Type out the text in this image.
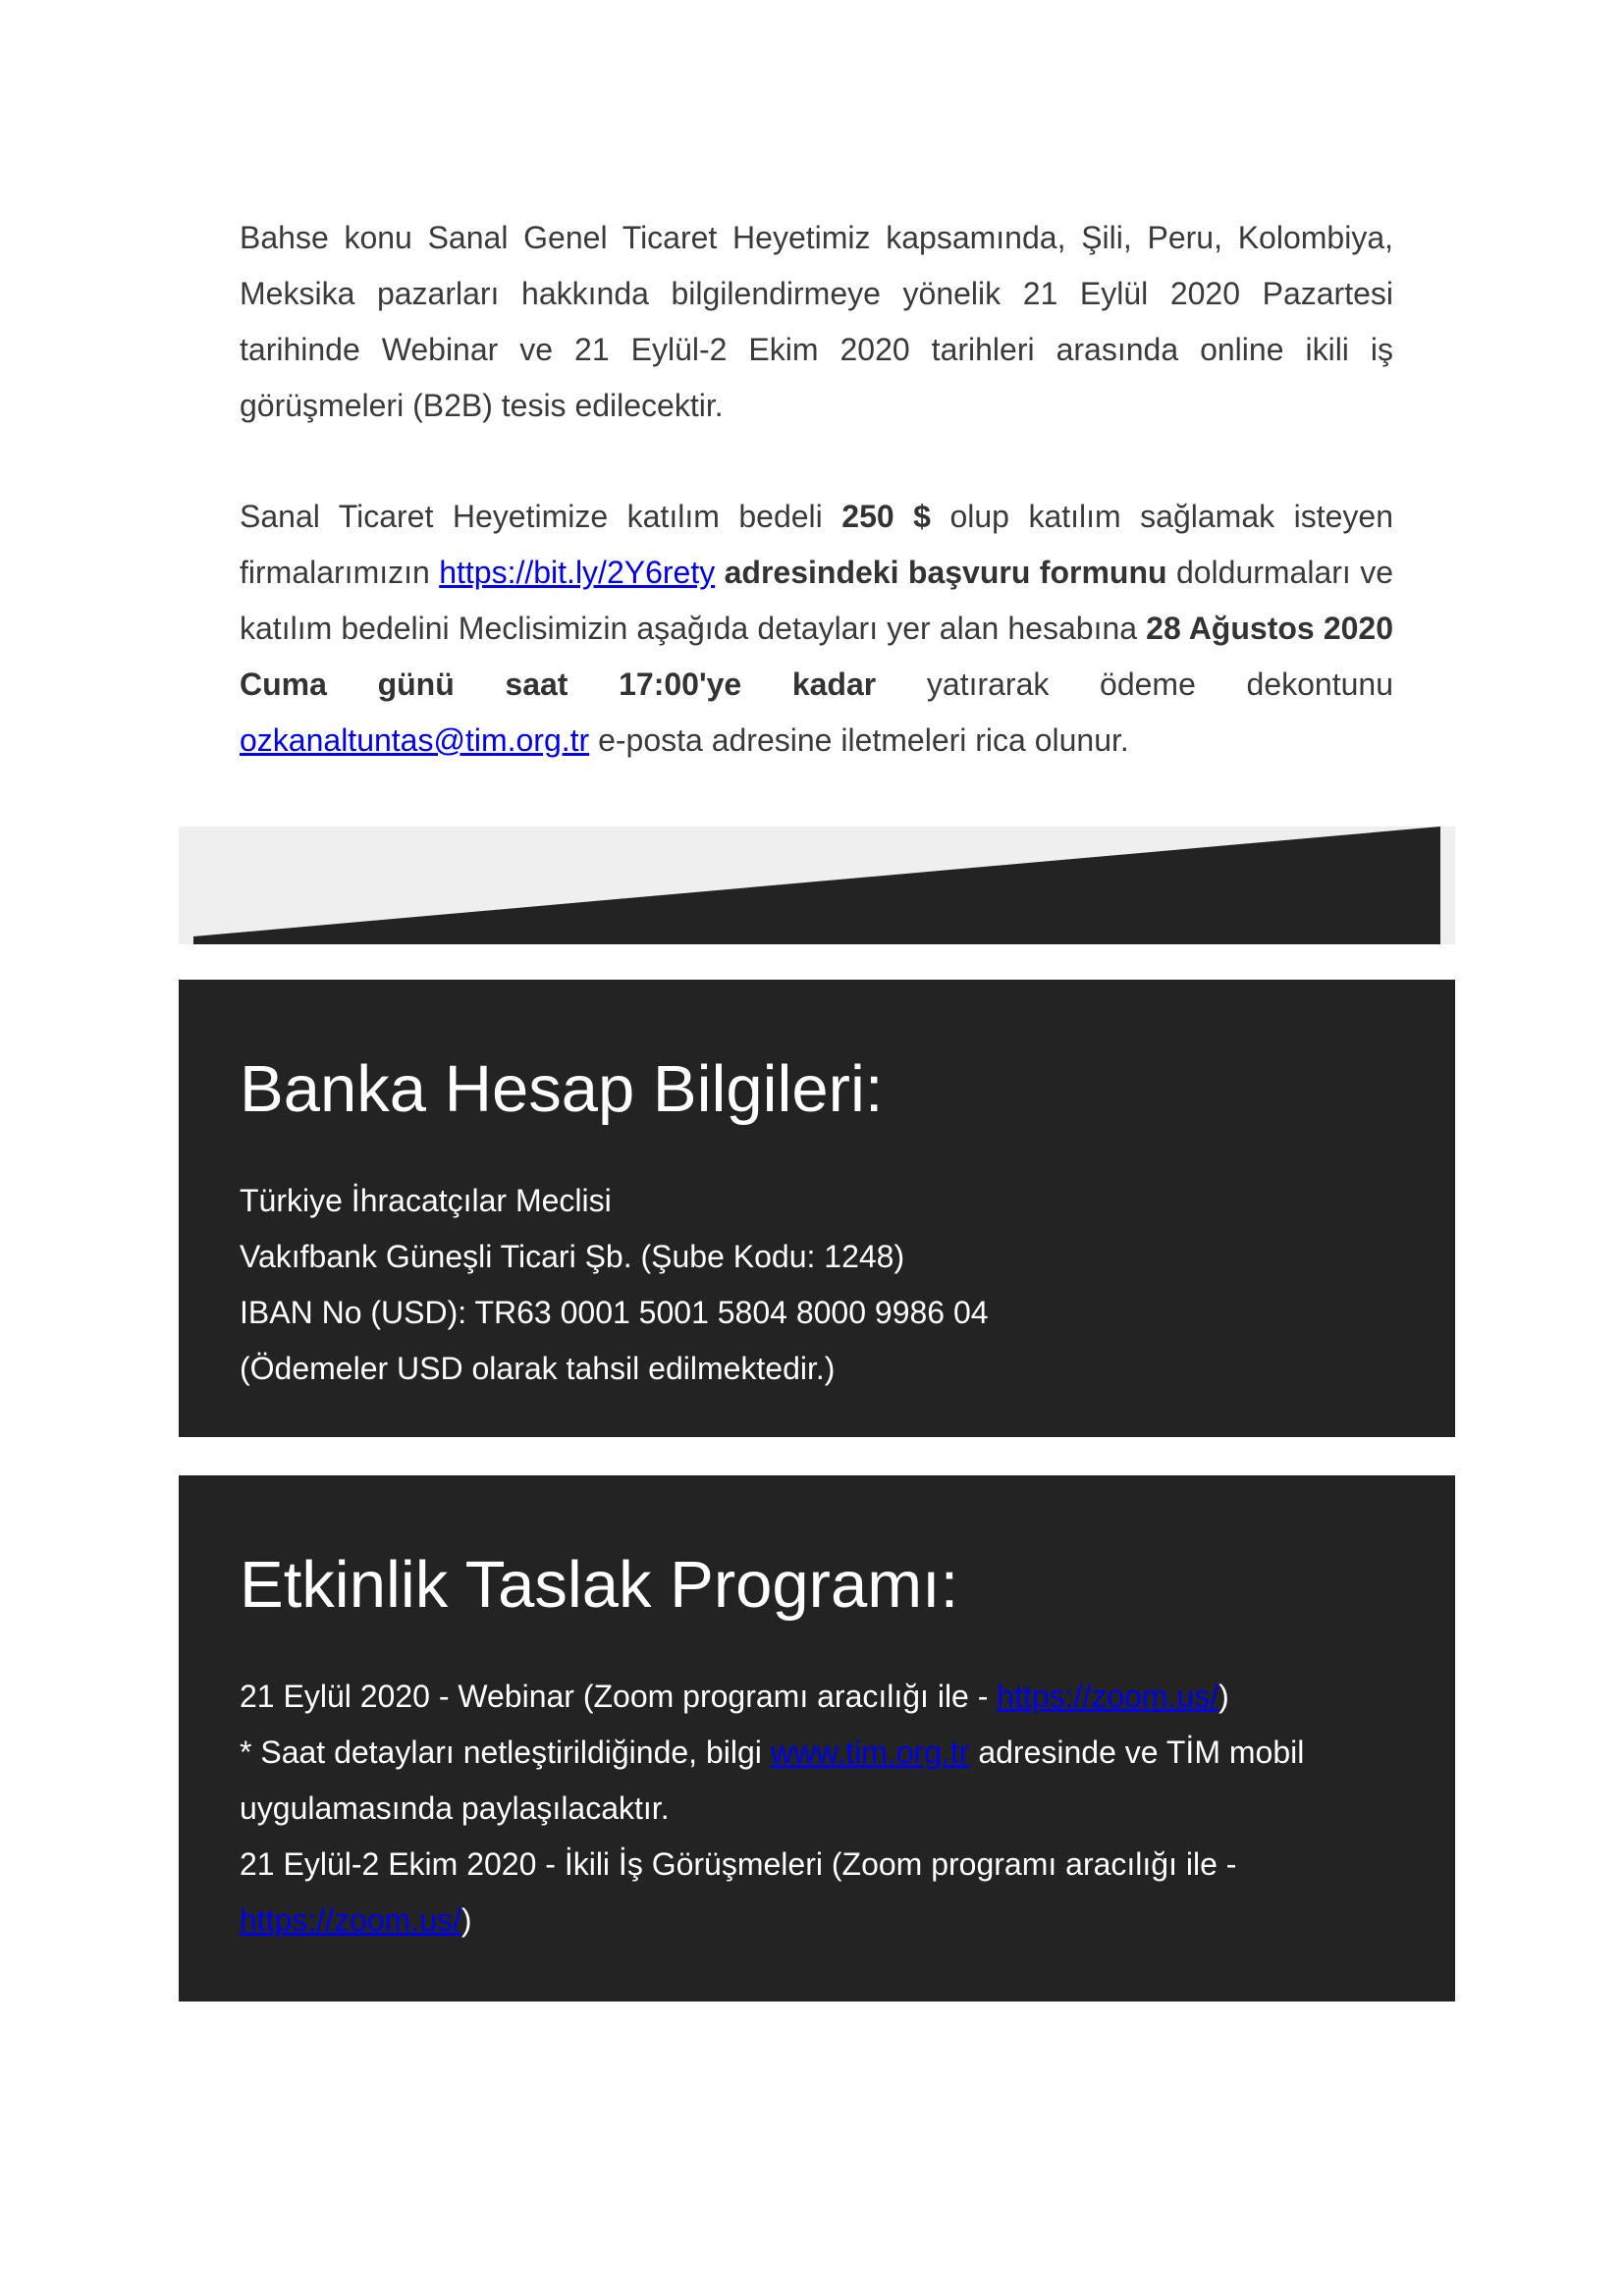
Bahse konu Sanal Genel Ticaret Heyetimiz kapsamında, Şili, Peru, Kolombiya, Meksika pazarları hakkında bilgilendirmeye yönelik 21 Eylül 2020 Pazartesi tarihinde Webinar ve 21 Eylül-2 Ekim 2020 tarihleri arasında online ikili iş görüşmeleri (B2B) tesis edilecektir.

Sanal Ticaret Heyetimize katılım bedeli 250 $ olup katılım sağlamak isteyen firmalarımızın https://bit.ly/2Y6rety adresindeki başvuru formunu doldurmaları ve katılım bedelini Meclisimizin aşağıda detayları yer alan hesabına 28 Ağustos 2020 Cuma günü saat 17:00'ye kadar yatırarak ödeme dekontunu ozkanaltuntas@tim.org.tr e-posta adresine iletmeleri rica olunur.

Banka Hesap Bilgileri:
Türkiye İhracatçılar Meclisi
Vakıfbank Güneşli Ticari Şb. (Şube Kodu: 1248)
IBAN No (USD): TR63 0001 5001 5804 8000 9986 04
(Ödemeler USD olarak tahsil edilmektedir.)
Etkinlik Taslak Programı:
21 Eylül 2020 - Webinar (Zoom programı aracılığı ile - https://zoom.us/)
* Saat detayları netleştirildiğinde, bilgi www.tim.org.tr adresinde ve TİM mobil uygulamasında paylaşılacaktır.
21 Eylül-2 Ekim 2020 - İkili İş Görüşmeleri (Zoom programı aracılığı ile - https://zoom.us/)
